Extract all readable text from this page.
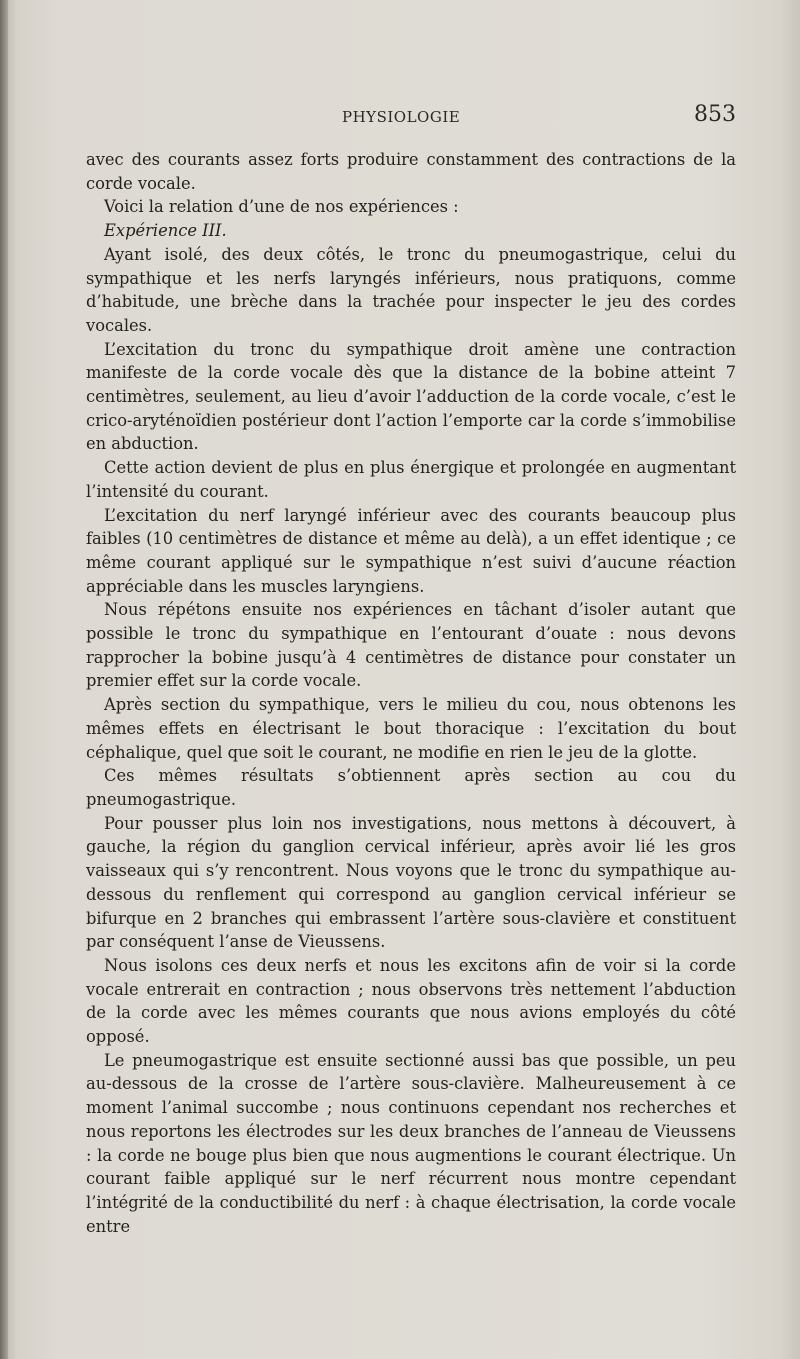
PHYSIOLOGIE	853

avec des courants assez forts produire constamment des contractions de la corde vocale.

Voici la relation d’une de nos expériences :

Expérience III.

Ayant isolé, des deux côtés, le tronc du pneumogastrique, celui du sympathique et les nerfs laryngés inférieurs, nous pratiquons, comme d’habitude, une brèche dans la trachée pour inspecter le jeu des cordes vocales.

L’excitation du tronc du sympathique droit amène une contraction manifeste de la corde vocale dès que la distance de la bobine atteint 7 centimètres, seulement, au lieu d’avoir l’adduction de la corde vocale, c’est le crico-aryténoïdien postérieur dont l’action l’emporte car la corde s’immobilise en abduction.

Cette action devient de plus en plus énergique et prolongée en augmentant l’intensité du courant.

L’excitation du nerf laryngé inférieur avec des courants beaucoup plus faibles (10 centimètres de distance et même au delà), a un effet identique ; ce même courant appliqué sur le sympathique n’est suivi d’aucune réaction appréciable dans les muscles laryngiens.

Nous répétons ensuite nos expériences en tâchant d’isoler autant que possible le tronc du sympathique en l’entourant d’ouate : nous devons rapprocher la bobine jusqu’à 4 centimètres de distance pour constater un premier effet sur la corde vocale.

Après section du sympathique, vers le milieu du cou, nous obtenons les mêmes effets en électrisant le bout thoracique : l’excitation du bout céphalique, quel que soit le courant, ne modifie en rien le jeu de la glotte.

Ces mêmes résultats s’obtiennent après section au cou du pneumogastrique.

Pour pousser plus loin nos investigations, nous mettons à découvert, à gauche, la région du ganglion cervical inférieur, après avoir lié les gros vaisseaux qui s’y rencontrent. Nous voyons que le tronc du sympathique au-dessous du renflement qui correspond au ganglion cervical inférieur se bifurque en 2 branches qui embrassent l’artère sous-clavière et constituent par conséquent l’anse de Vieussens.

Nous isolons ces deux nerfs et nous les excitons afin de voir si la corde vocale entrerait en contraction ; nous observons très nettement l’abduction de la corde avec les mêmes courants que nous avions employés du côté opposé.

Le pneumogastrique est ensuite sectionné aussi bas que possible, un peu au-dessous de la crosse de l’artère sous-clavière. Malheureusement à ce moment l’animal succombe ; nous continuons cependant nos recherches et nous reportons les électrodes sur les deux branches de l’anneau de Vieussens : la corde ne bouge plus bien que nous augmentions le courant électrique. Un courant faible appliqué sur le nerf récurrent nous montre cependant l’intégrité de la conductibilité du nerf : à chaque électrisation, la corde vocale entre
